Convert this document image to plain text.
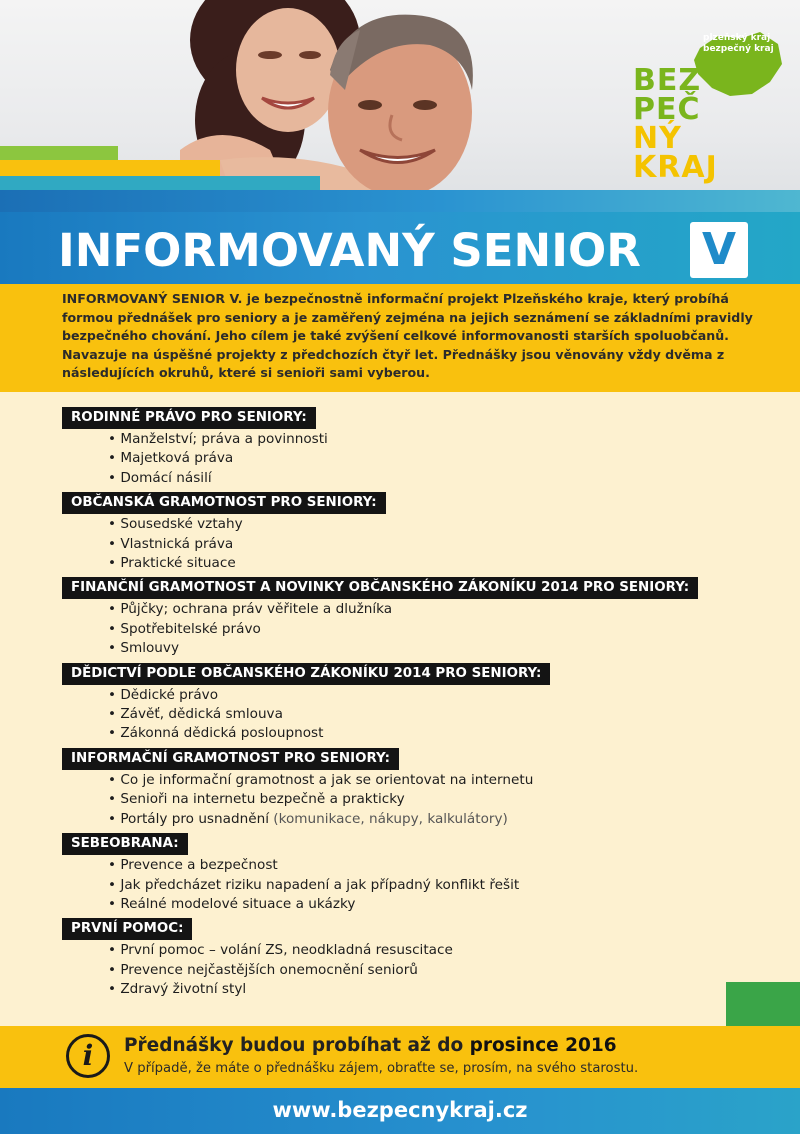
plzeňský kraj
bezpečný kraj
BEZ
PEČ
NÝ
KRAJ
INFORMOVANÝ SENIOR V

INFORMOVANÝ SENIOR V. je bezpečnostně informační projekt Plzeňského kraje, který probíhá formou přednášek pro seniory a je zaměřený zejména na jejich seznámení se základními pravidly bezpečného chování. Jeho cílem je také zvýšení celkové informovanosti starších spoluobčanů. Navazuje na úspěšné projekty z předchozích čtyř let. Přednášky jsou věnovány vždy dvěma z následujících okruhů, které si senioři sami vyberou.

RODINNÉ PRÁVO PRO SENIORY:
• Manželství; práva a povinnosti
• Majetková práva
• Domácí násilí
OBČANSKÁ GRAMOTNOST PRO SENIORY:
• Sousedské vztahy
• Vlastnická práva
• Praktické situace
FINANČNÍ GRAMOTNOST A NOVINKY OBČANSKÉHO ZÁKONÍKU 2014 PRO SENIORY:
• Půjčky; ochrana práv věřitele a dlužníka
• Spotřebitelské právo
• Smlouvy
DĚDICTVÍ PODLE OBČANSKÉHO ZÁKONÍKU 2014 PRO SENIORY:
• Dědické právo
• Závěť, dědická smlouva
• Zákonná dědická posloupnost
INFORMAČNÍ GRAMOTNOST PRO SENIORY:
• Co je informační gramotnost a jak se orientovat na internetu
• Senioři na internetu bezpečně a prakticky
• Portály pro usnadnění (komunikace, nákupy, kalkulátory)
SEBEOBRANA:
• Prevence a bezpečnost
• Jak předcházet riziku napadení a jak případný konflikt řešit
• Reálné modelové situace a ukázky
PRVNÍ POMOC:
• První pomoc – volání ZS, neodkladná resuscitace
• Prevence nejčastějších onemocnění seniorů
• Zdravý životní styl
i	Přednášky budou probíhat až do prosince 2016
V případě, že máte o přednášku zájem, obraťte se, prosím, na svého starostu.
www.bezpecnykraj.cz
